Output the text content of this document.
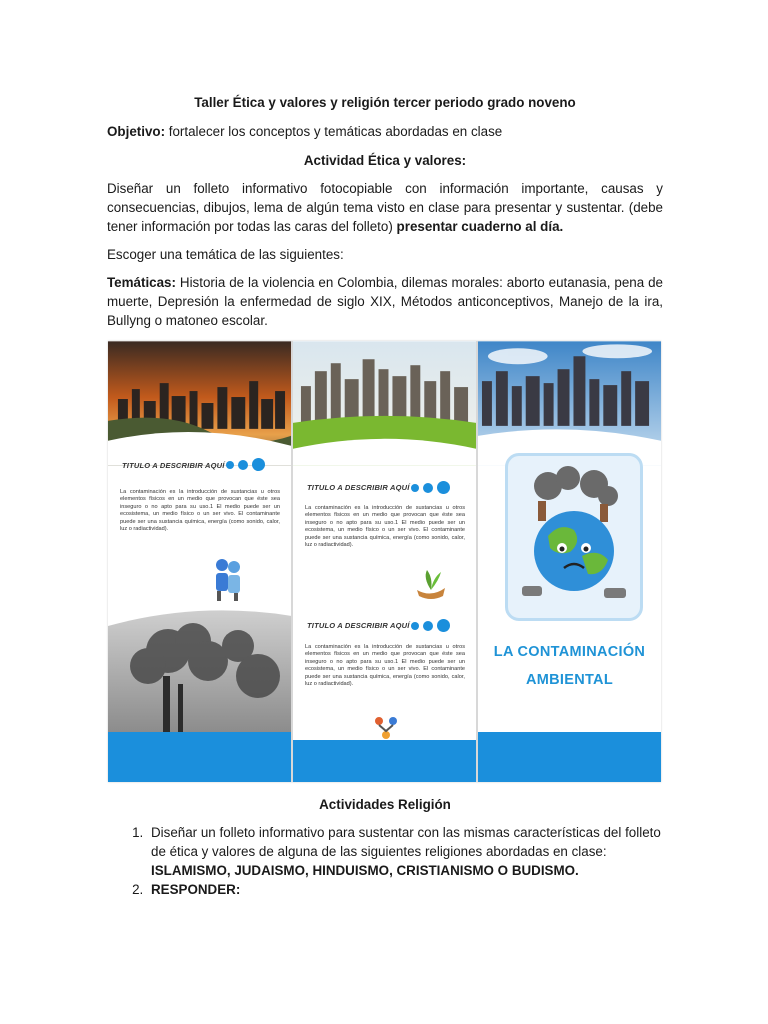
Taller Ética y valores y religión tercer periodo grado noveno

Objetivo: fortalecer los conceptos y temáticas abordadas en clase

Actividad Ética y valores:

Diseñar un folleto informativo fotocopiable con información importante, causas y consecuencias, dibujos, lema de algún tema visto en clase para presentar y sustentar. (debe tener información por todas las caras del folleto) presentar cuaderno al día.

Escoger una temática de las siguientes:

Temáticas: Historia de la violencia en Colombia, dilemas morales: aborto eutanasia, pena de muerte, Depresión la enfermedad de siglo XIX, Métodos anticonceptivos, Manejo de la ira, Bullyng o matoneo escolar.

Actividades Religión

1. Diseñar un folleto informativo para sustentar con las mismas características del folleto de ética y valores de alguna de las siguientes religiones abordadas en clase: ISLAMISMO, JUDAISMO, HINDUISMO, CRISTIANISMO O BUDISMO.
2. RESPONDER:
TITULO A DESCRIBIR AQUÍ
La contaminación es la introducción de sustancias u otros elementos físicos en un medio que provocan que éste sea inseguro o no apto para su uso.1 El medio puede ser un ecosistema, un medio físico o un ser vivo. El contaminante puede ser una sustancia química, energía (como sonido, calor, luz o radiactividad).
TITULO A DESCRIBIR AQUÍ
La contaminación es la introducción de sustancias u otros elementos físicos en un medio que provocan que éste sea inseguro o no apto para su uso.1 El medio puede ser un ecosistema, un medio físico o un ser vivo. El contaminante puede ser una sustancia química, energía (como sonido, calor, luz o radiactividad).
TITULO A DESCRIBIR AQUÍ
La contaminación es la introducción de sustancias u otros elementos físicos en un medio que provocan que éste sea inseguro o no apto para su uso.1 El medio puede ser un ecosistema, un medio físico o un ser vivo. El contaminante puede ser una sustancia química, energía (como sonido, calor, luz o radiactividad).
LA CONTAMINACIÓN
AMBIENTAL
